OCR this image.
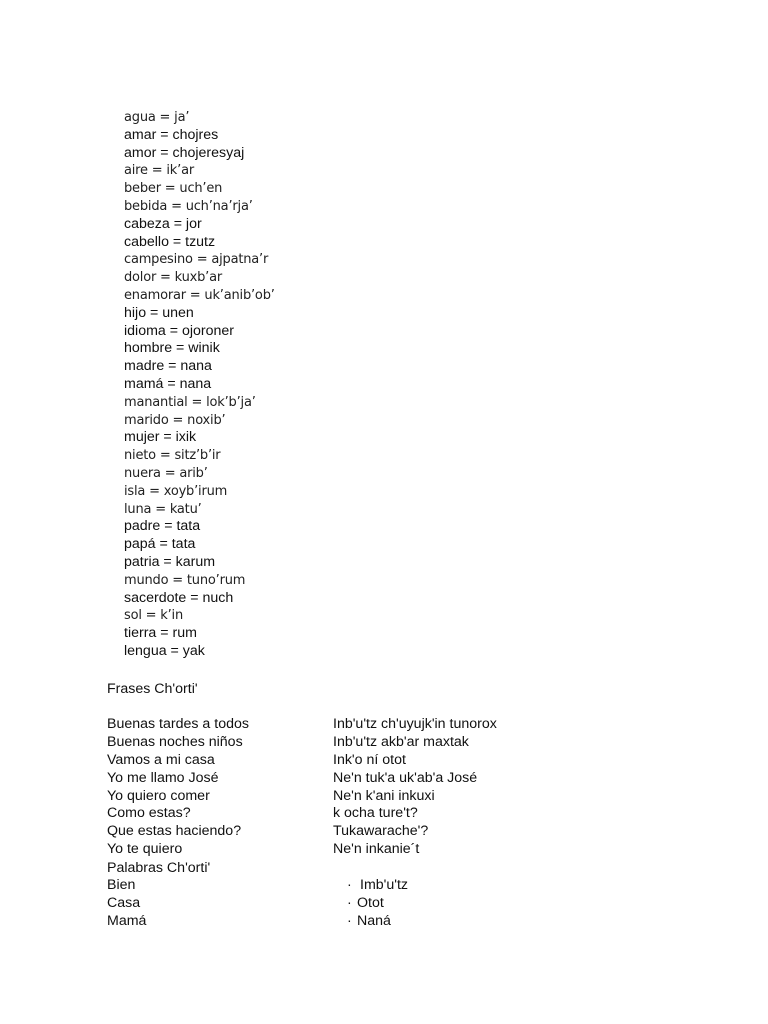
agua = ja’
amar = chojres
amor = chojeresyaj
aire = ik’ar
beber = uch’en
bebida = uch’na’rja’
cabeza = jor
cabello = tzutz
campesino = ajpatna’r
dolor = kuxb’ar
enamorar = uk’anib’ob’
hijo = unen
idioma = ojoroner
hombre = winik
madre = nana
mamá = nana
manantial = lok’b’ja’
marido = noxib’
mujer = ixik
nieto = sitz’b’ir
nuera = arib’
isla = xoyb’irum
luna = katu’
padre = tata
papá = tata
patria = karum
mundo = tuno’rum
sacerdote = nuch
sol = k’in
tierra = rum
lengua = yak
Frases Ch'orti'
Buenas tardes a todos	Inb'u'tz ch'uyujk'in tunorox
Buenas noches niños	Inb'u'tz akb'ar maxtak
Vamos a mi casa	Ink'o ní otot
Yo me llamo José	Ne'n tuk'a uk'ab'a José
Yo quiero comer	Ne'n k'ani inkuxi
Como estas?	k ocha ture't?
Que estas haciendo?	Tukawarache'?
Yo te quiero	Ne'n inkanie´t
Palabras Ch'orti'
Bien	· Imb'u'tz
Casa	· Otot
Mamá	· Naná
